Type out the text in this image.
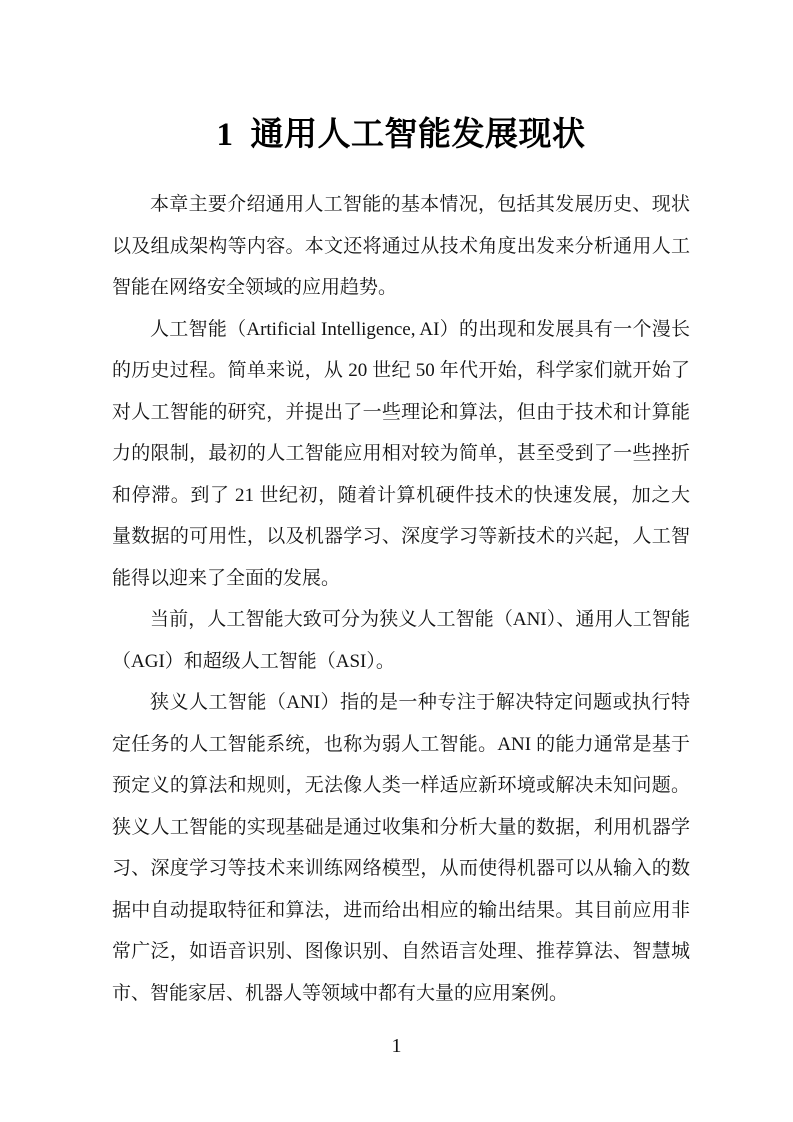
1 通用人工智能发展现状

本章主要介绍通用人工智能的基本情况，包括其发展历史、现状以及组成架构等内容。本文还将通过从技术角度出发来分析通用人工智能在网络安全领域的应用趋势。

人工智能（Artificial Intelligence, AI）的出现和发展具有一个漫长的历史过程。简单来说，从 20 世纪 50 年代开始，科学家们就开始了对人工智能的研究，并提出了一些理论和算法，但由于技术和计算能力的限制，最初的人工智能应用相对较为简单，甚至受到了一些挫折和停滞。到了 21 世纪初，随着计算机硬件技术的快速发展，加之大量数据的可用性，以及机器学习、深度学习等新技术的兴起，人工智能得以迎来了全面的发展。

当前，人工智能大致可分为狭义人工智能（ANI）、通用人工智能（AGI）和超级人工智能（ASI）。

狭义人工智能（ANI）指的是一种专注于解决特定问题或执行特定任务的人工智能系统，也称为弱人工智能。ANI 的能力通常是基于预定义的算法和规则，无法像人类一样适应新环境或解决未知问题。狭义人工智能的实现基础是通过收集和分析大量的数据，利用机器学习、深度学习等技术来训练网络模型，从而使得机器可以从输入的数据中自动提取特征和算法，进而给出相应的输出结果。其目前应用非常广泛，如语音识别、图像识别、自然语言处理、推荐算法、智慧城市、智能家居、机器人等领域中都有大量的应用案例。

1
